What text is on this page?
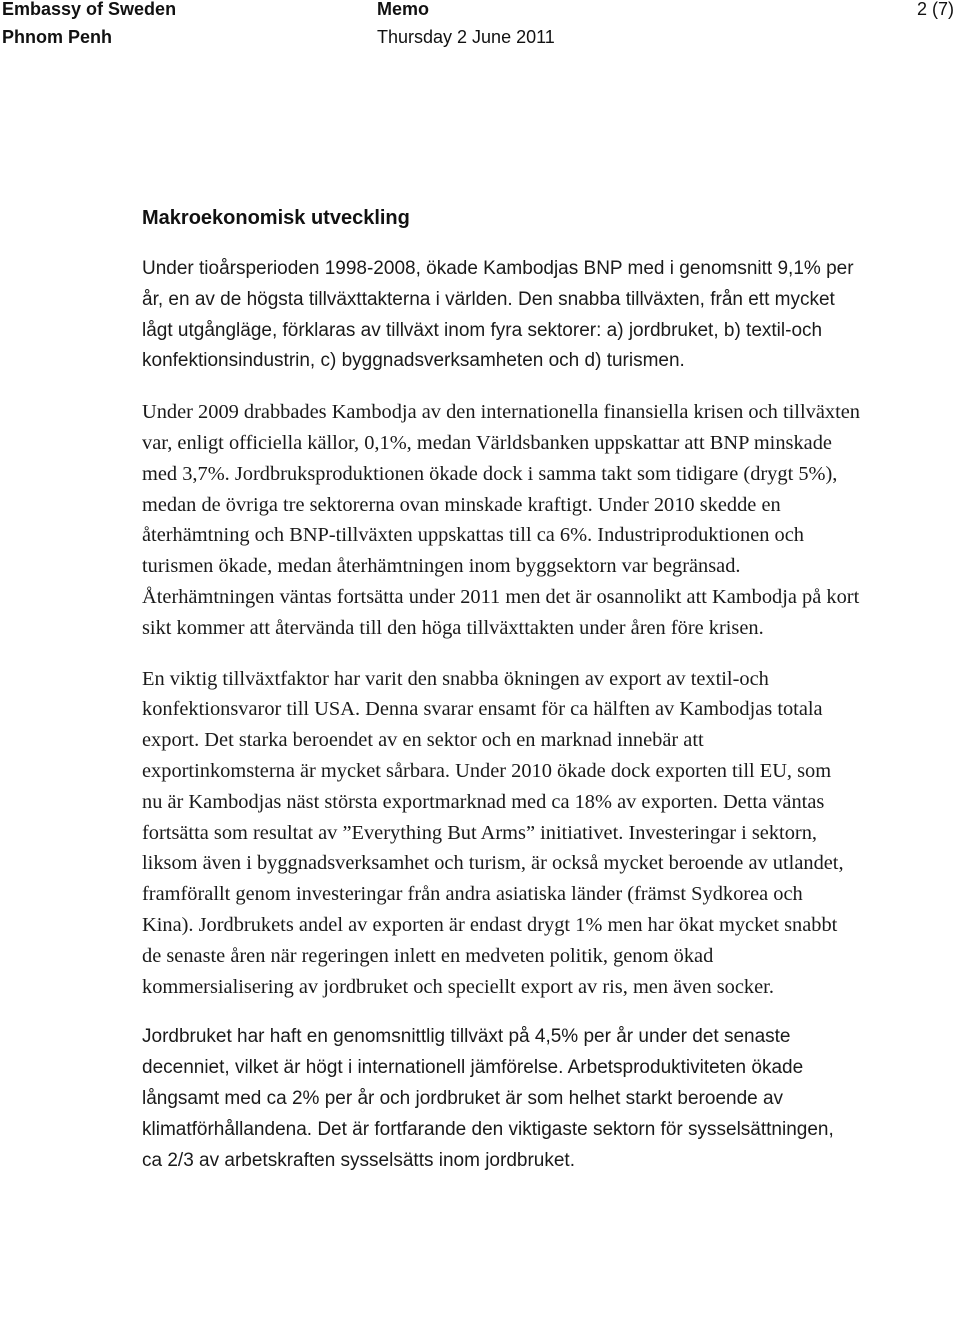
Embassy of Sweden	Memo	2 (7)
Phnom Penh	Thursday 2 June 2011
Makroekonomisk utveckling

Under tioårsperioden 1998-2008, ökade Kambodjas BNP med i genomsnitt 9,1% per år, en av de högsta tillväxttakterna i världen. Den snabba tillväxten, från ett mycket lågt utgångläge, förklaras av tillväxt inom fyra sektorer: a) jordbruket, b) textil-och konfektionsindustrin, c) byggnadsverksamheten och d) turismen.

Under 2009 drabbades Kambodja av den internationella finansiella krisen och tillväxten var, enligt officiella källor, 0,1%, medan Världsbanken uppskattar att BNP minskade med 3,7%. Jordbruksproduktionen ökade dock i samma takt som tidigare (drygt 5%), medan de övriga tre sektorerna ovan minskade kraftigt. Under 2010 skedde en återhämtning och BNP-tillväxten uppskattas till ca 6%. Industriproduktionen och turismen ökade, medan återhämtningen inom byggsektorn var begränsad. Återhämtningen väntas fortsätta under 2011 men det är osannolikt att Kambodja på kort sikt kommer att återvända till den höga tillväxttakten under åren före krisen.

En viktig tillväxtfaktor har varit den snabba ökningen av export av textil-och konfektionsvaror till USA. Denna svarar ensamt för ca hälften av Kambodjas totala export. Det starka beroendet av en sektor och en marknad innebär att exportinkomsterna är mycket sårbara. Under 2010 ökade dock exporten till EU, som nu är Kambodjas näst största exportmarknad med ca 18% av exporten. Detta väntas fortsätta som resultat av ”Everything But Arms” initiativet. Investeringar i sektorn, liksom även i byggnadsverksamhet och turism, är också mycket beroende av utlandet, framförallt genom investeringar från andra asiatiska länder (främst Sydkorea och Kina). Jordbrukets andel av exporten är endast drygt 1% men har ökat mycket snabbt de senaste åren när regeringen inlett en medveten politik, genom ökad kommersialisering av jordbruket och speciellt export av ris, men även socker.

Jordbruket har haft en genomsnittlig tillväxt på 4,5% per år under det senaste decenniet, vilket är högt i internationell jämförelse. Arbetsproduktiviteten ökade långsamt med ca 2% per år och jordbruket är som helhet starkt beroende av klimatförhållandena. Det är fortfarande den viktigaste sektorn för sysselsättningen, ca 2/3 av arbetskraften sysselsätts inom jordbruket.
